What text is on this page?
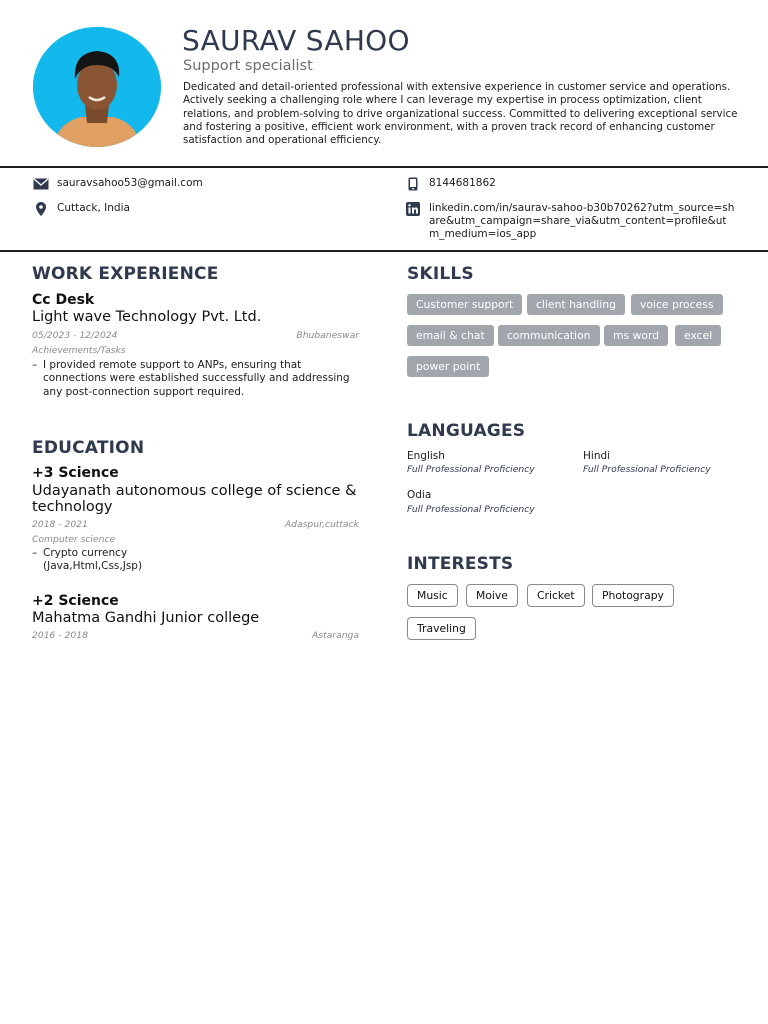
SAURAV SAHOO
Support specialist
Dedicated and detail-oriented professional with extensive experience in customer service and operations. Actively seeking a challenging role where I can leverage my expertise in process optimization, client relations, and problem-solving to drive organizational success. Committed to delivering exceptional service and fostering a positive, efficient work environment, with a proven track record of enhancing customer satisfaction and operational efficiency.
sauravsahoo53@gmail.com	8144681862
Cuttack, India	linkedin.com/in/saurav-sahoo-b30b70262?utm_source=share&utm_campaign=share_via&utm_content=profile&utm_medium=ios_app
WORK EXPERIENCE
Cc Desk
Light wave Technology Pvt. Ltd.
05/2023 - 12/2024	Bhubaneswar
Achievements/Tasks
– I provided remote support to ANPs, ensuring that connections were established successfully and addressing any post-connection support required.
EDUCATION
+3 Science
Udayanath autonomous college of science & technology
2018 - 2021	Adaspur,cuttack
Computer science
– Crypto currency (Java,Html,Css,Jsp)
+2 Science
Mahatma Gandhi Junior college
2016 - 2018	Astaranga
SKILLS
Customer support	client handling	voice process
email & chat	communication	ms word	excel
power point
LANGUAGES
English
Full Professional Proficiency
Hindi
Full Professional Proficiency
Odia
Full Professional Proficiency
INTERESTS
Music	Moive	Cricket	Photograpy
Traveling
